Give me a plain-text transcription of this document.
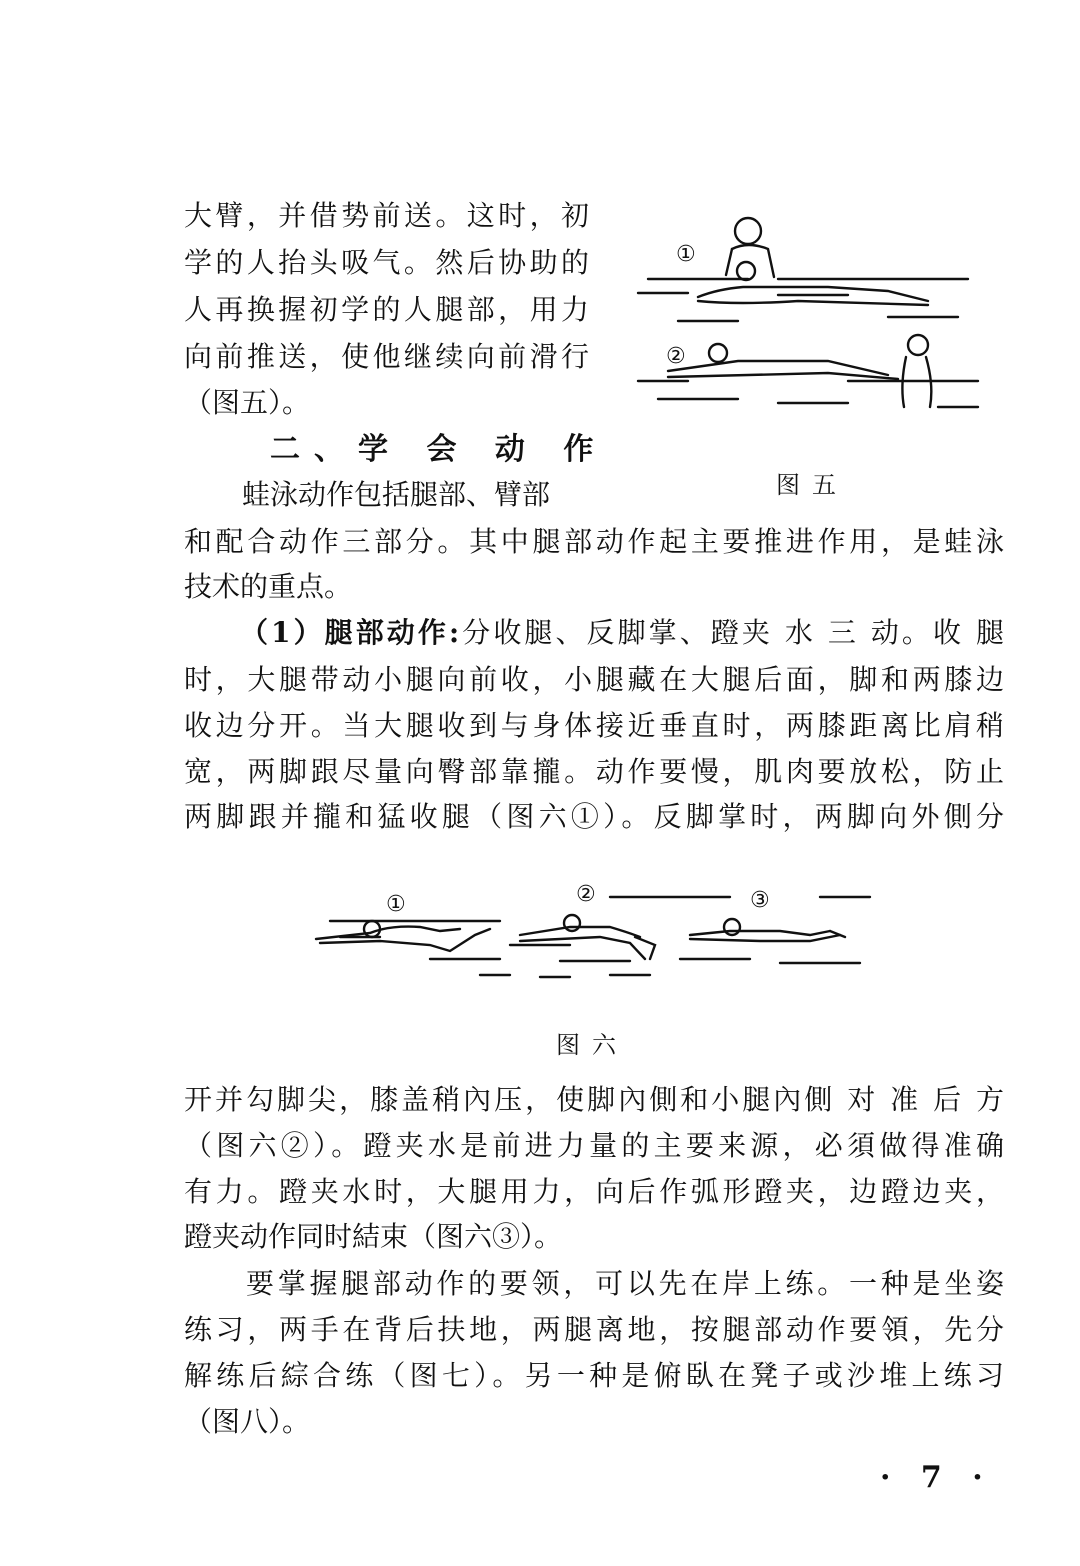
大臂，并借势前送。这时，初
学的人抬头吸气。然后协助的
人再换握初学的人腿部，用力
向前推送，使他继续向前滑行
（图五）。
二、学 会 动 作
蛙泳动作包括腿部、臂部
和配合动作三部分。其中腿部动作起主要推进作用，是蛙泳
技术的重点。
①
②
图五
（1）腿部动作:分收腿、反脚掌、蹬夹 水 三 动。收 腿
时，大腿带动小腿向前收，小腿藏在大腿后面，脚和两膝边
收边分开。当大腿收到与身体接近垂直时，两膝距离比肩稍
宽，两脚跟尽量向臀部靠攏。动作要慢，肌肉要放松，防止
两脚跟并攏和猛收腿（图六①）。反脚掌时，两脚向外側分
①	②	③
图六
开并勾脚尖，膝盖稍內压，使脚內側和小腿內側 对 准 后 方
（图六②）。蹬夹水是前进力量的主要来源，必須做得准确
有力。蹬夹水时，大腿用力，向后作弧形蹬夹，边蹬边夹，
蹬夹动作同时結束（图六③）。
要掌握腿部动作的要领，可以先在岸上练。一种是坐姿
练习，两手在背后扶地，两腿离地，按腿部动作要領，先分
解练后綜合练（图七）。另一种是俯臥在凳子或沙堆上练习
（图八）。
· 7 ·
